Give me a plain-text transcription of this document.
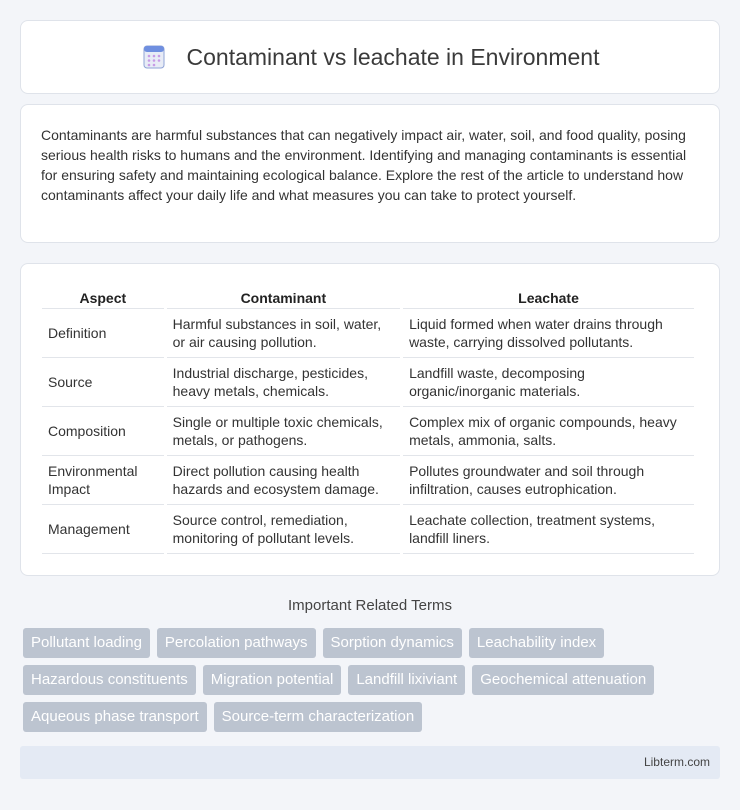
Contaminant vs leachate in Environment

Contaminants are harmful substances that can negatively impact air, water, soil, and food quality, posing serious health risks to humans and the environment. Identifying and managing contaminants is essential for ensuring safety and maintaining ecological balance. Explore the rest of the article to understand how contaminants affect your daily life and what measures you can take to protect yourself.

Aspect	Contaminant	Leachate
Definition	Harmful substances in soil, water, or air causing pollution.	Liquid formed when water drains through waste, carrying dissolved pollutants.
Source	Industrial discharge, pesticides, heavy metals, chemicals.	Landfill waste, decomposing organic/inorganic materials.
Composition	Single or multiple toxic chemicals, metals, or pathogens.	Complex mix of organic compounds, heavy metals, ammonia, salts.
Environmental Impact	Direct pollution causing health hazards and ecosystem damage.	Pollutes groundwater and soil through infiltration, causes eutrophication.
Management	Source control, remediation, monitoring of pollutant levels.	Leachate collection, treatment systems, landfill liners.
Important Related Terms
Pollutant loading	Percolation pathways	Sorption dynamics	Leachability index
Hazardous constituents	Migration potential	Landfill lixiviant	Geochemical attenuation
Aqueous phase transport	Source-term characterization
Libterm.com
